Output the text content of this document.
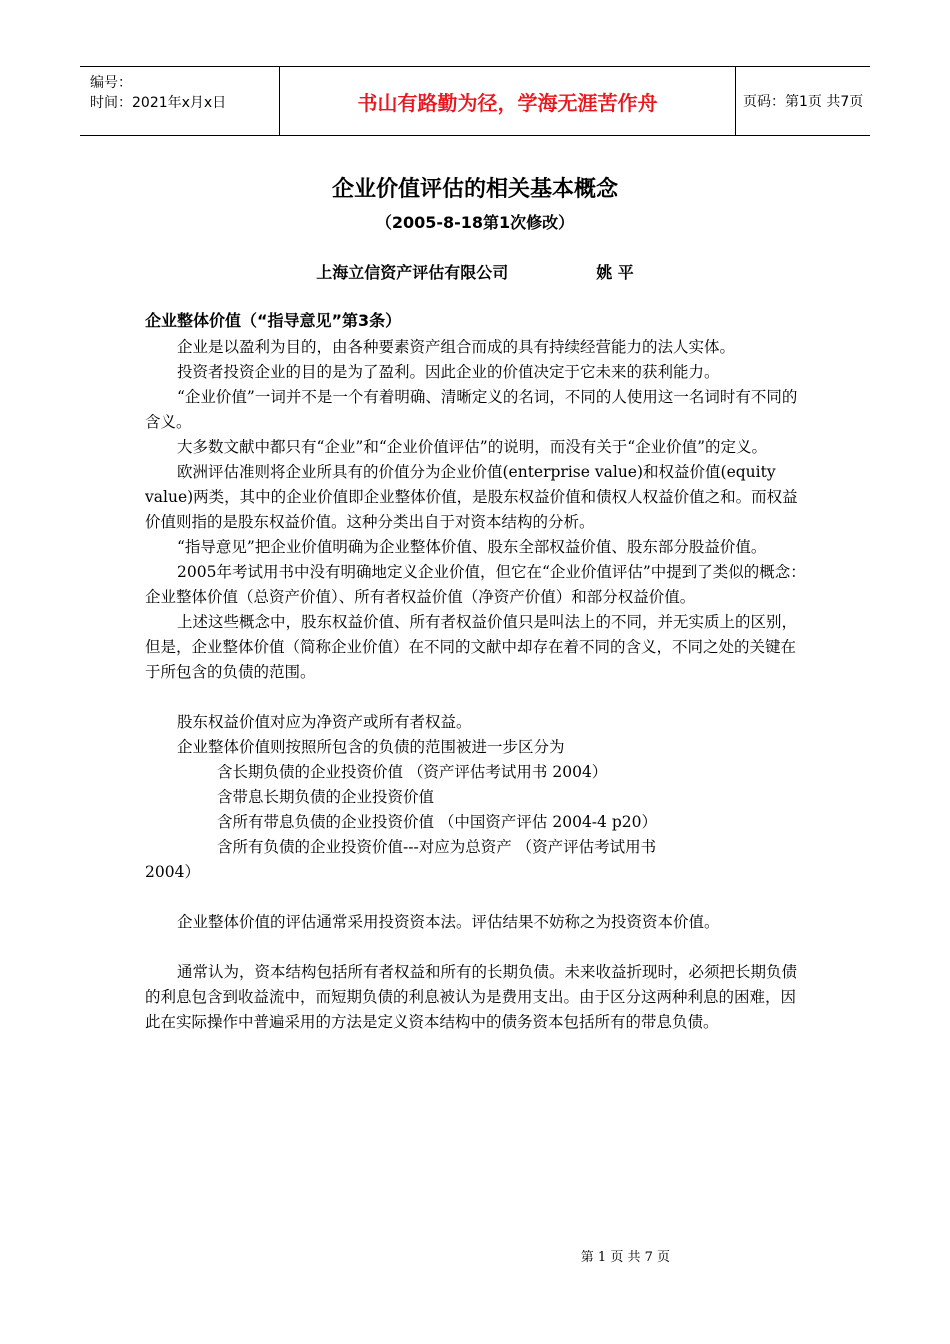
编号：
时间：2021年x月x日	书山有路勤为径，学海无涯苦作舟	页码：第1页 共7页
企业价值评估的相关基本概念
（2005-8-18第1次修改）
上海立信资产评估有限公司	姚 平

企业整体价值（“指导意见”第3条）

企业是以盈利为目的，由各种要素资产组合而成的具有持续经营能力的法人实体。

投资者投资企业的目的是为了盈利。因此企业的价值决定于它未来的获利能力。

“企业价值”一词并不是一个有着明确、清晰定义的名词，不同的人使用这一名词时有不同的含义。

大多数文献中都只有“企业”和“企业价值评估”的说明，而没有关于“企业价值”的定义。

欧洲评估准则将企业所具有的价值分为企业价值(enterprise value)和权益价值(equity value)两类，其中的企业价值即企业整体价值，是股东权益价值和债权人权益价值之和。而权益价值则指的是股东权益价值。这种分类出自于对资本结构的分析。

“指导意见”把企业价值明确为企业整体价值、股东全部权益价值、股东部分股益价值。

2005年考试用书中没有明确地定义企业价值，但它在“企业价值评估”中提到了类似的概念：企业整体价值（总资产价值）、所有者权益价值（净资产价值）和部分权益价值。

上述这些概念中，股东权益价值、所有者权益价值只是叫法上的不同，并无实质上的区别，但是，企业整体价值（简称企业价值）在不同的文献中却存在着不同的含义，不同之处的关键在于所包含的负债的范围。

股东权益价值对应为净资产或所有者权益。

企业整体价值则按照所包含的负债的范围被进一步区分为

含长期负债的企业投资价值 （资产评估考试用书 2004）

含带息长期负债的企业投资价值

含所有带息负债的企业投资价值 （中国资产评估 2004-4 p20）

含所有负债的企业投资价值---对应为总资产 （资产评估考试用书

2004）

企业整体价值的评估通常采用投资资本法。评估结果不妨称之为投资资本价值。

通常认为，资本结构包括所有者权益和所有的长期负债。未来收益折现时，必须把长期负债的利息包含到收益流中，而短期负债的利息被认为是费用支出。由于区分这两种利息的困难，因此在实际操作中普遍采用的方法是定义资本结构中的债务资本包括所有的带息负债。

第 1 页 共 7 页
